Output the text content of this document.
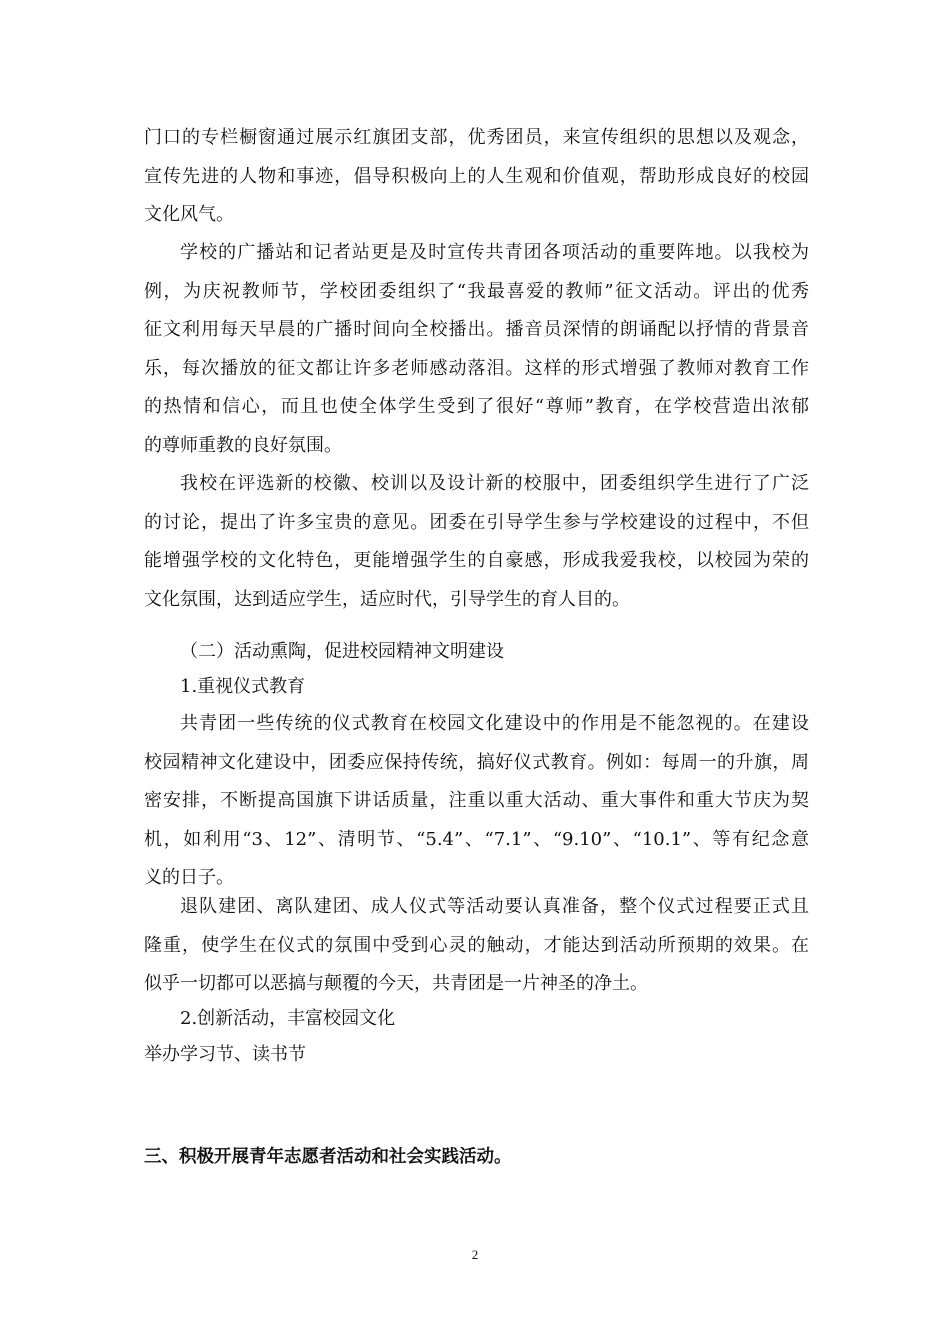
门口的专栏橱窗通过展示红旗团支部，优秀团员，来宣传组织的思想以及观念，
宣传先进的人物和事迹，倡导积极向上的人生观和价值观，帮助形成良好的校园
文化风气。
学校的广播站和记者站更是及时宣传共青团各项活动的重要阵地。以我校为
例，为庆祝教师节，学校团委组织了“我最喜爱的教师”征文活动。评出的优秀
征文利用每天早晨的广播时间向全校播出。播音员深情的朗诵配以抒情的背景音
乐，每次播放的征文都让许多老师感动落泪。这样的形式增强了教师对教育工作
的热情和信心，而且也使全体学生受到了很好“尊师”教育，在学校营造出浓郁
的尊师重教的良好氛围。
我校在评选新的校徽、校训以及设计新的校服中，团委组织学生进行了广泛
的讨论，提出了许多宝贵的意见。团委在引导学生参与学校建设的过程中，不但
能增强学校的文化特色，更能增强学生的自豪感，形成我爱我校，以校园为荣的
文化氛围，达到适应学生，适应时代，引导学生的育人目的。
（二）活动熏陶，促进校园精神文明建设
1.重视仪式教育
共青团一些传统的仪式教育在校园文化建设中的作用是不能忽视的。在建设
校园精神文化建设中，团委应保持传统，搞好仪式教育。例如：每周一的升旗，周
密安排，不断提高国旗下讲话质量，注重以重大活动、重大事件和重大节庆为契
机，如利用“3、12”、清明节、“5.4”、“7.1”、“9.10”、“10.1”、等有纪念意
义的日子。
退队建团、离队建团、成人仪式等活动要认真准备，整个仪式过程要正式且
隆重，使学生在仪式的氛围中受到心灵的触动，才能达到活动所预期的效果。在
似乎一切都可以恶搞与颠覆的今天，共青团是一片神圣的净土。
2.创新活动，丰富校园文化
举办学习节、读书节
三、积极开展青年志愿者活动和社会实践活动。
2
